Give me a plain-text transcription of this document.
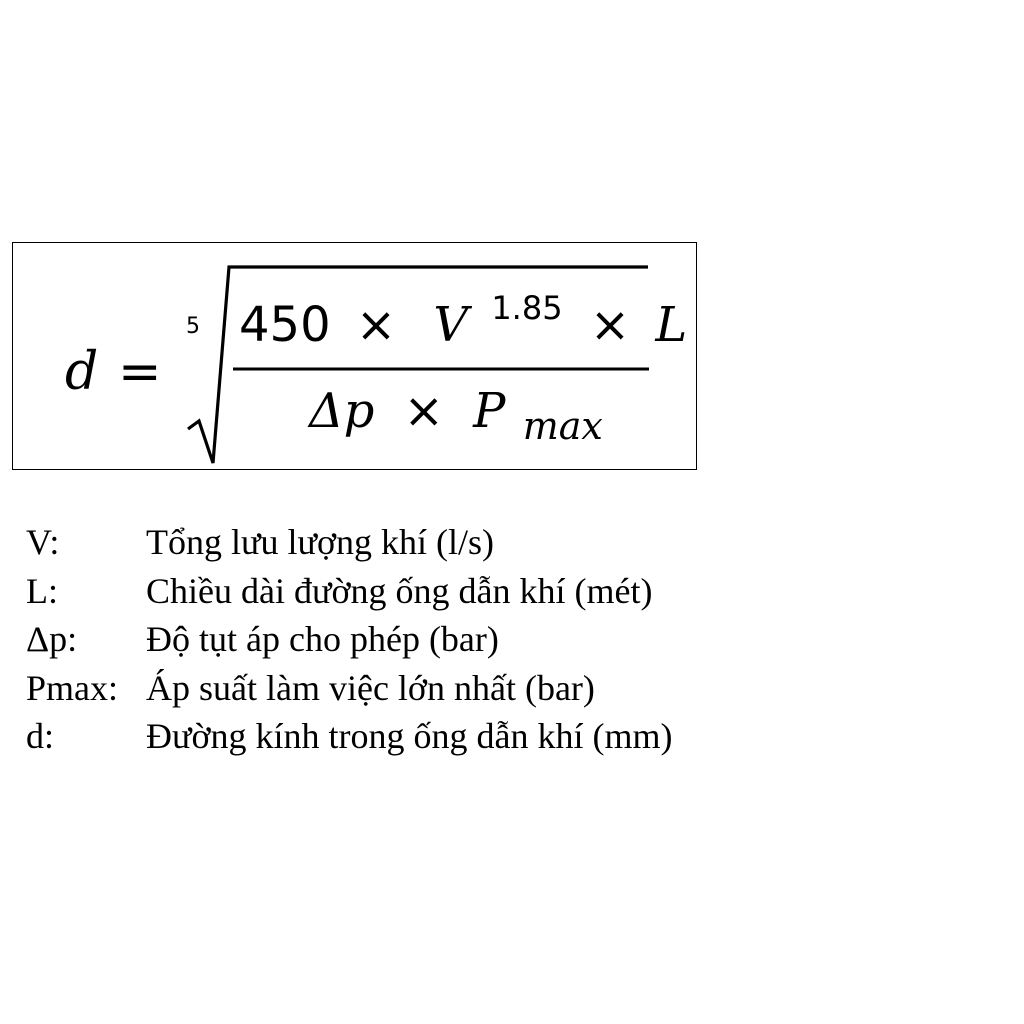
d =
5 450 × V $^{1.85}$ × L
Δp × P $_{max}$
V:	Tổng lưu lượng khí (l/s)
L:	Chiều dài đường ống dẫn khí (mét)
Δp:	Độ tụt áp cho phép (bar)
Pmax: Áp suất làm việc lớn nhất (bar)
d:	Đường kính trong ống dẫn khí (mm)
